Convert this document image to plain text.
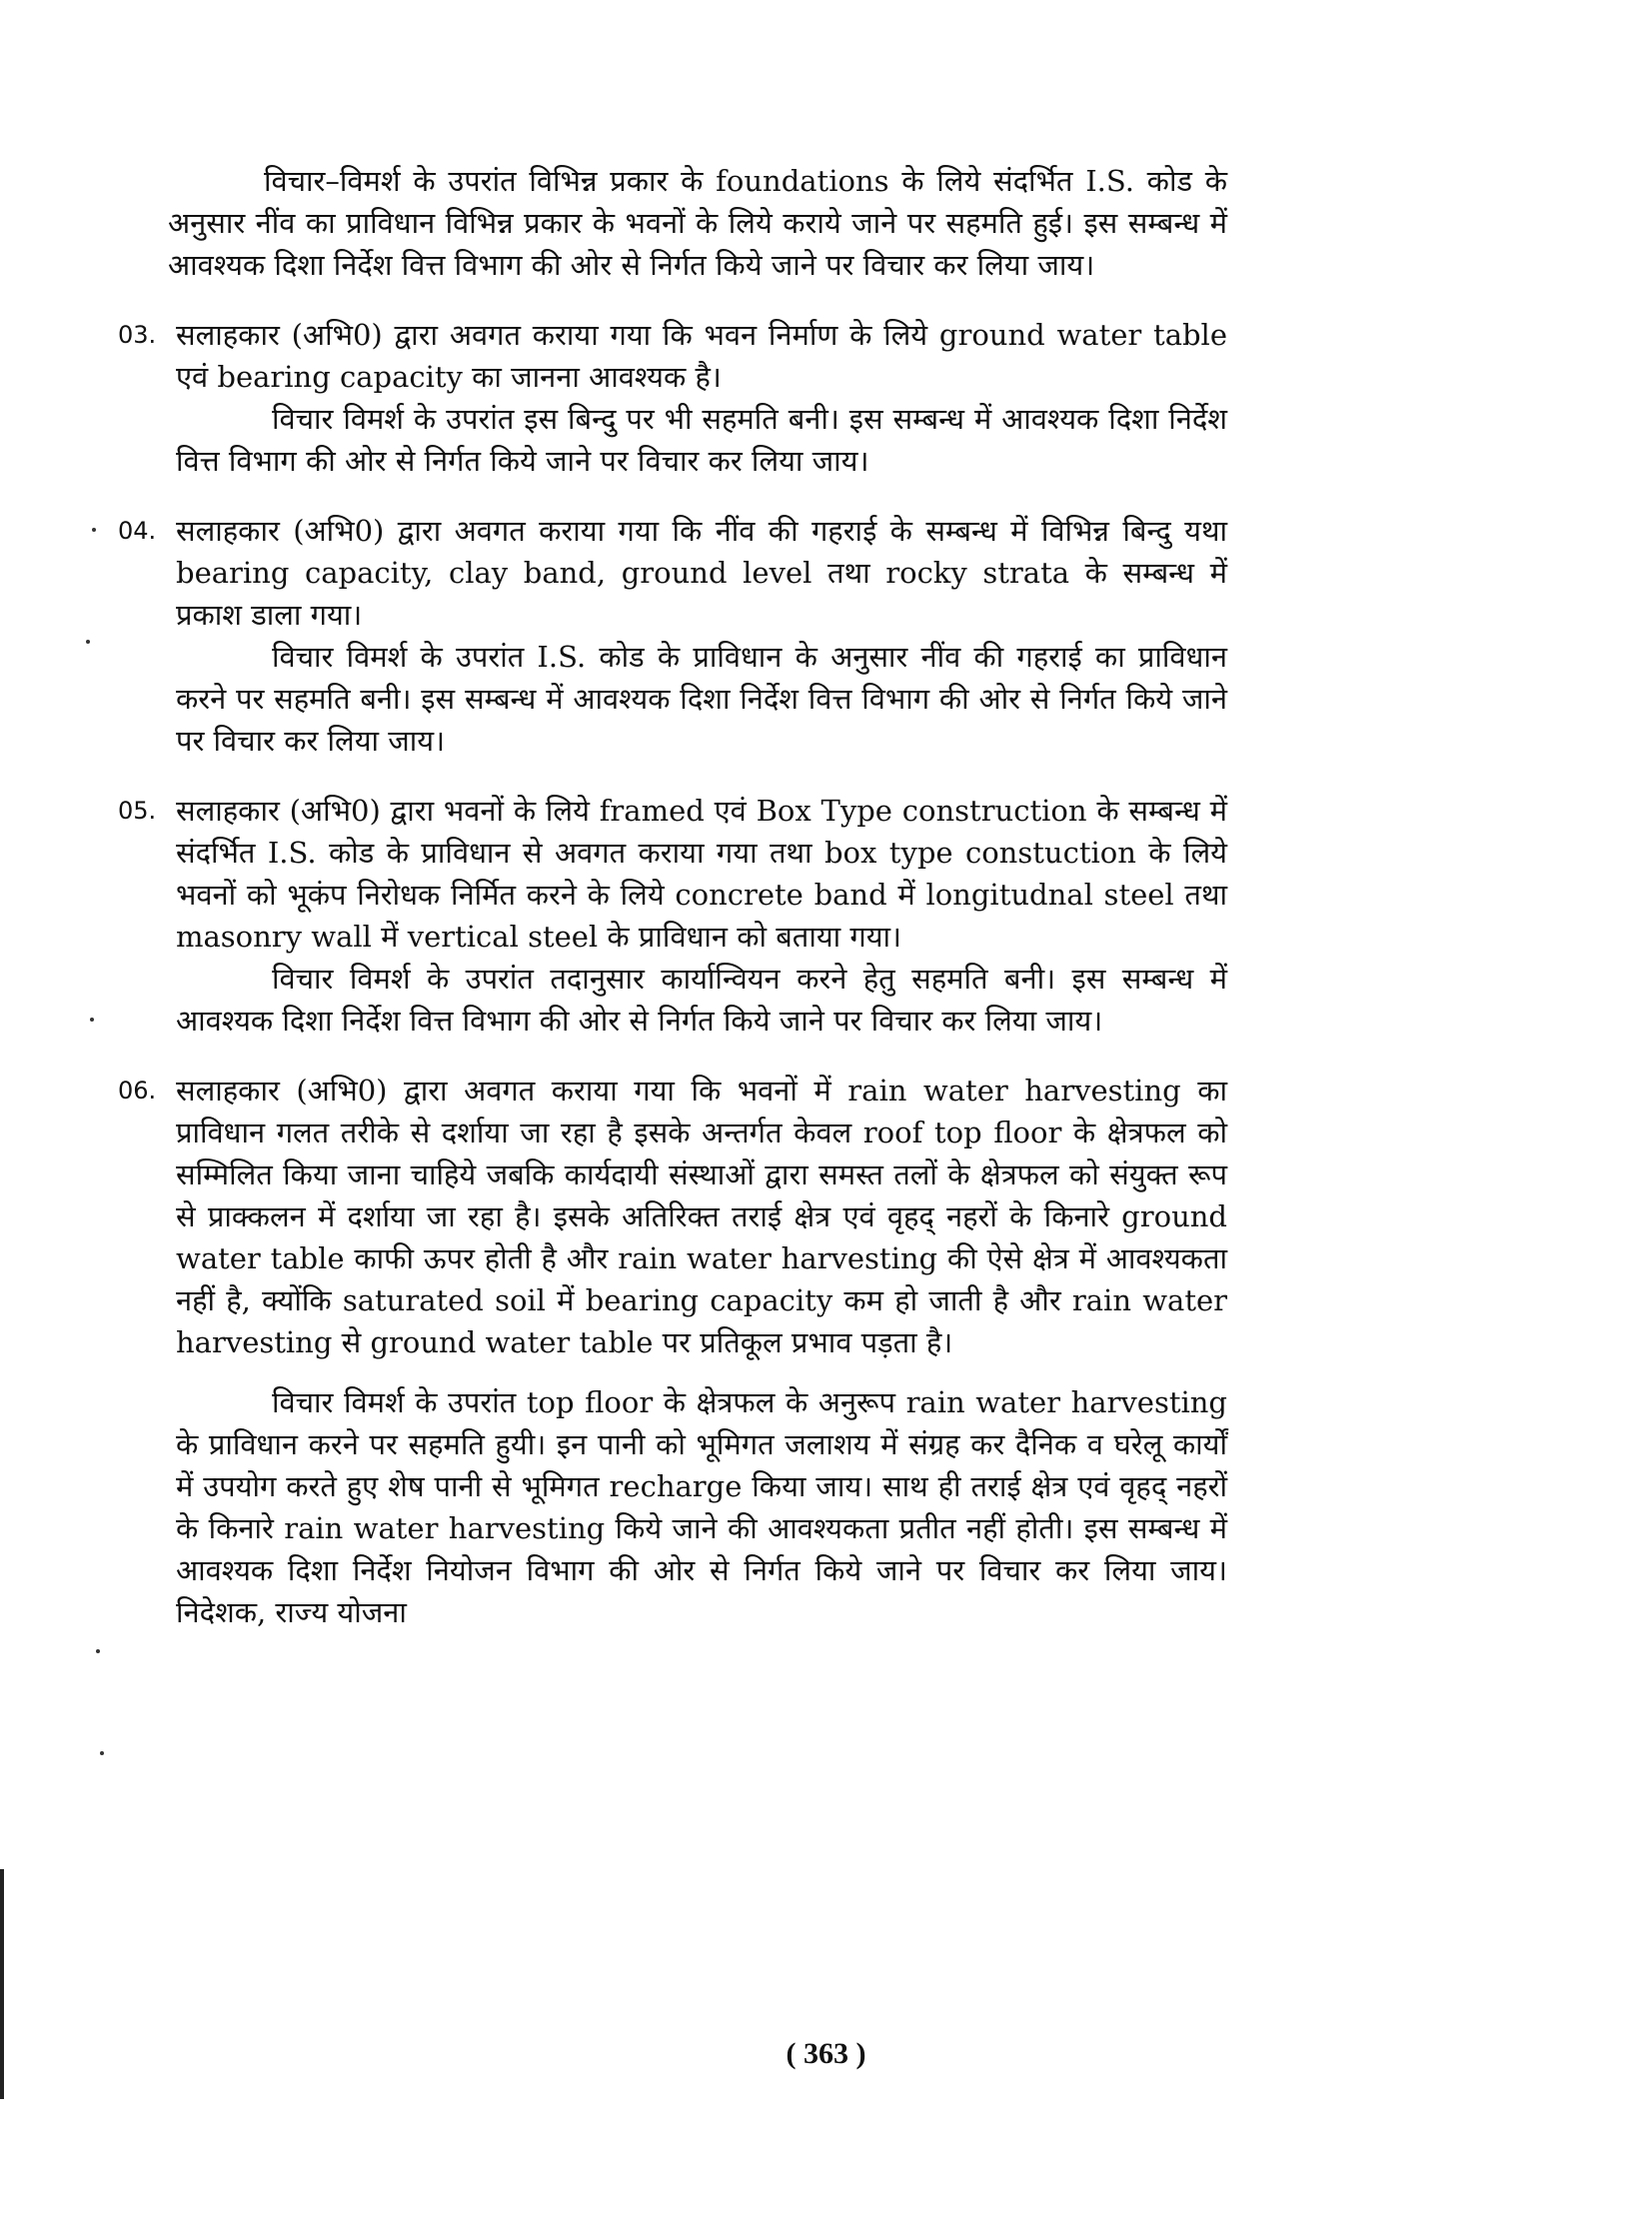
विचार–विमर्श के उपरांत विभिन्न प्रकार के foundations के लिये संदर्भित I.S. कोड के अनुसार नींव का प्राविधान विभिन्न प्रकार के भवनों के लिये कराये जाने पर सहमति हुई। इस सम्बन्ध में आवश्यक दिशा निर्देश वित्त विभाग की ओर से निर्गत किये जाने पर विचार कर लिया जाय।

03. सलाहकार (अभि0) द्वारा अवगत कराया गया कि भवन निर्माण के लिये ground water table एवं bearing capacity का जानना आवश्यक है।

विचार विमर्श के उपरांत इस बिन्दु पर भी सहमति बनी। इस सम्बन्ध में आवश्यक दिशा निर्देश वित्त विभाग की ओर से निर्गत किये जाने पर विचार कर लिया जाय।

04. सलाहकार (अभि0) द्वारा अवगत कराया गया कि नींव की गहराई के सम्बन्ध में विभिन्न बिन्दु यथा bearing capacity, clay band, ground level तथा rocky strata के सम्बन्ध में प्रकाश डाला गया।

विचार विमर्श के उपरांत I.S. कोड के प्राविधान के अनुसार नींव की गहराई का प्राविधान करने पर सहमति बनी। इस सम्बन्ध में आवश्यक दिशा निर्देश वित्त विभाग की ओर से निर्गत किये जाने पर विचार कर लिया जाय।

05. सलाहकार (अभि0) द्वारा भवनों के लिये framed एवं Box Type construction के सम्बन्ध में संदर्भित I.S. कोड के प्राविधान से अवगत कराया गया तथा box type constuction के लिये भवनों को भूकंप निरोधक निर्मित करने के लिये concrete band में longitudnal steel तथा masonry wall में vertical steel के प्राविधान को बताया गया।

विचार विमर्श के उपरांत तदानुसार कार्यान्वियन करने हेतु सहमति बनी। इस सम्बन्ध में आवश्यक दिशा निर्देश वित्त विभाग की ओर से निर्गत किये जाने पर विचार कर लिया जाय।

06. सलाहकार (अभि0) द्वारा अवगत कराया गया कि भवनों में rain water harvesting का प्राविधान गलत तरीके से दर्शाया जा रहा है इसके अन्तर्गत केवल roof top floor के क्षेत्रफल को सम्मिलित किया जाना चाहिये जबकि कार्यदायी संस्थाओं द्वारा समस्त तलों के क्षेत्रफल को संयुक्त रूप से प्राक्कलन में दर्शाया जा रहा है। इसके अतिरिक्त तराई क्षेत्र एवं वृहद् नहरों के किनारे ground water table काफी ऊपर होती है और rain water harvesting की ऐसे क्षेत्र में आवश्यकता नहीं है, क्योंकि saturated soil में bearing capacity कम हो जाती है और rain water harvesting से ground water table पर प्रतिकूल प्रभाव पड़ता है।

विचार विमर्श के उपरांत top floor के क्षेत्रफल के अनुरूप rain water harvesting के प्राविधान करने पर सहमति हुयी। इन पानी को भूमिगत जलाशय में संग्रह कर दैनिक व घरेलू कार्यों में उपयोग करते हुए शेष पानी से भूमिगत recharge किया जाय। साथ ही तराई क्षेत्र एवं वृहद् नहरों के किनारे rain water harvesting किये जाने की आवश्यकता प्रतीत नहीं होती। इस सम्बन्ध में आवश्यक दिशा निर्देश नियोजन विभाग की ओर से निर्गत किये जाने पर विचार कर लिया जाय। निदेशक, राज्य योजना

( 363 )
